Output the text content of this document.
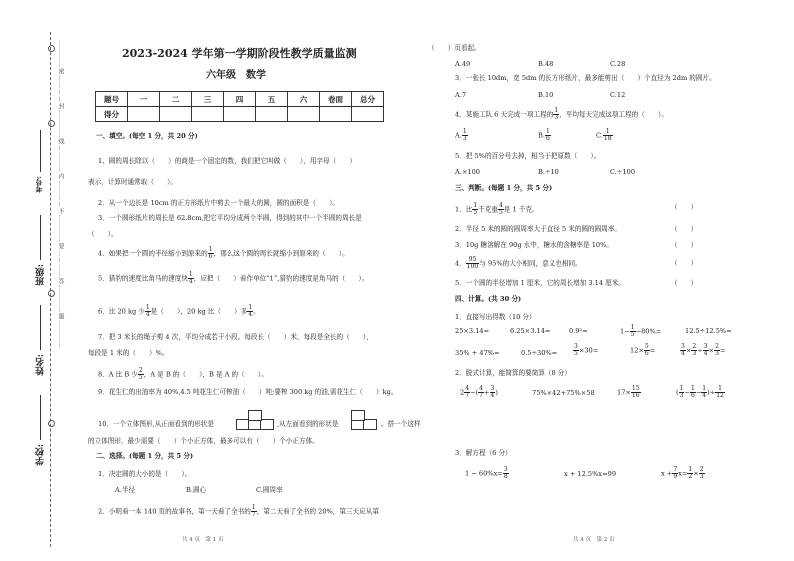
…………密…………封…………线…………内…………不…………要…………答…………题…………
学校:
姓名:
班级:
考号:
2023-2024 学年第一学期阶段性教学质量监测
六年级　数学
题号	一	二	三	四	五	六	卷面	总分
得分								
一、填空。(每空 1 分，共 20 分)
1、圆的周长除以（　　）的商是一个固定的数，我们把它叫做（　　），用字母（　　）
表示，计算时通常取（　　）。
2．从一个边长是 10cm 的正方形纸片中剪去一个最大的圆，圆的面积是（　　）。
3．一个圆形纸片的周长是 62.8cm,把它平均分成两个半圆，得到的其中一个半圆的周长是
（　　）。
4．如果把一个圆的半径缩小到原来的 $\frac{1}{6}$ ，那么这个圆的周长就缩小到原来的（　　）。
5．猎豹的速度比角马的速度快 $\frac{1}{4}$ ，应把（　　）看作单位“1”,猎豹的速度是角马的（　　）。
6．比 20 kg 少 $\frac{1}{4}$ 是（　　），20 kg 比（　　）多 $\frac{1}{4}$ 。
7．把 3 米长的绳子剪 4 次，平均分成若干小段。每段长（　　）米，每段是全长的（　　），
每段是 1 米的（　　）%。
8．A 比 B 少 $\frac{2}{5}$ ，A 是 B 的（　　），B 是 A 的（　　）。
9．花生仁的出油率为 40%,4.5 吨花生仁可榨油（　　）吨;要榨 300 kg 的油,需花生仁（　　）kg。
10．一个立体图形,从正面看到的形状是	,从左面看到的形状是	。搭一个这样
的立体图形，最少需要（　　）个小正方体，最多可以有（　　）个小正方体。
二、选择。(每题 1 分，共 5 分)
1．决定圆的大小的是（　　）。
A.半径	B.圆心	C.圆周率
2．小明看一本 140 页的故事书，第一天看了全书的 $\frac{1}{7}$ ，第二天看了全书的 20%，第三天应从第
共 4 页　第 1 页
（　　）页看起。
A.49	B.48	C.28
3．一张长 10dm，宽 5dm 的长方形纸片，最多能剪出（　　）个直径为 2dm 的圆片。
A.7	B.10	C.12
4．某施工队 6 天完成一项工程的 $\frac{1}{3}$ ，平均每天完成这项工程的（　　）。
A. $\frac{1}{3}$	B. $\frac{1}{6}$	C. $\frac{1}{18}$
5．把 5%的百分号去掉，相当于把原数（　　）。
A.×100	B.÷10	C.÷100
三、判断。(每题 1 分，共 5 分)
1．比 $\frac{1}{5}$ 千克重 $\frac{4}{5}$ 是 1 千克。	（　　）
2．半径 5 米的圆的圆周率大于直径 5 米的圆的圆周率。	（　　）
3．10g 糖溶解在 90g 水中，糖水的含糖率是 10%。	（　　）
4． $\frac{95}{100}$ 与 95%的大小相同，意义也相同。	（　　）
5．一个圆的半径增加 1 厘米，它的周长增加 3.14 厘米。	（　　）
四、计算。(共 30 分)
1．直接写出得数（10 分）
25×3.14=	6.25×3.14=	0.9²=	$1- \frac{1}{5} -80\%=$	12.5÷12.5%=
35% + 47%=	0.5÷30%=	$\frac{3}{5} \times 30=$	$12\times \frac{5}{6}$ =	$\frac{3}{4} \times \frac{2}{3} \div \frac{3}{4} \times \frac{2}{3}$ =
2．脱式计算，能简算的要简算（8 分）
$2 \frac{4}{7}$ −( $\frac{4}{7} + \frac{3}{4}$ )	75%×42+75%×58	$17\times \frac{15}{16}$	( $\frac{1}{3} - \frac{1}{6} - \frac{1}{4}$ )÷ $\frac{1}{12}$
3．解方程（6 分）
$1 - 60\%x= \frac{3}{8}$	x + 12.5%x=99	$x + \frac{7}{9} x= \frac{1}{2} \times \frac{2}{3}$
共 4 页　第 2 页
